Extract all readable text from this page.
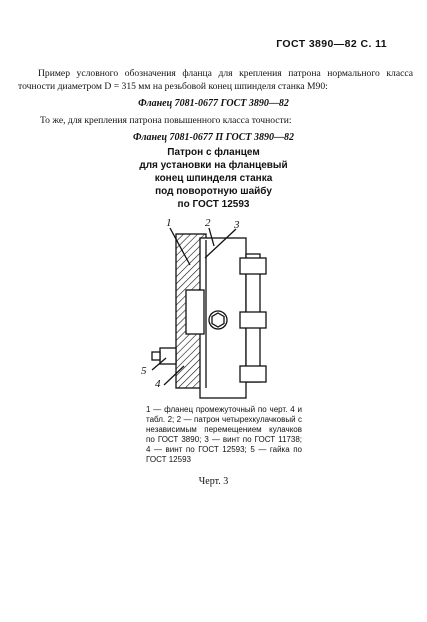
ГОСТ 3890—82 С. 11
Пример условного обозначения фланца для крепления патрона нормального класса точности диаметром D = 315 мм на резьбовой конец шпинделя станка М90:
Фланец 7081-0677 ГОСТ 3890—82
То же, для крепления патрона повышенного класса точности:
Фланец 7081-0677 П ГОСТ 3890—82
Патрон с фланцем
для установки на фланцевый
конец шпинделя станка
под поворотную шайбу
по ГОСТ 12593
1	2 3
4
5
1 — фланец промежуточный по черт. 4 и табл. 2; 2 — патрон четырехкулачковый с независимым перемещением кулачков по ГОСТ 3890; 3 — винт по ГОСТ 11738; 4 — винт по ГОСТ 12593; 5 — гайка по ГОСТ 12593
Черт. 3
